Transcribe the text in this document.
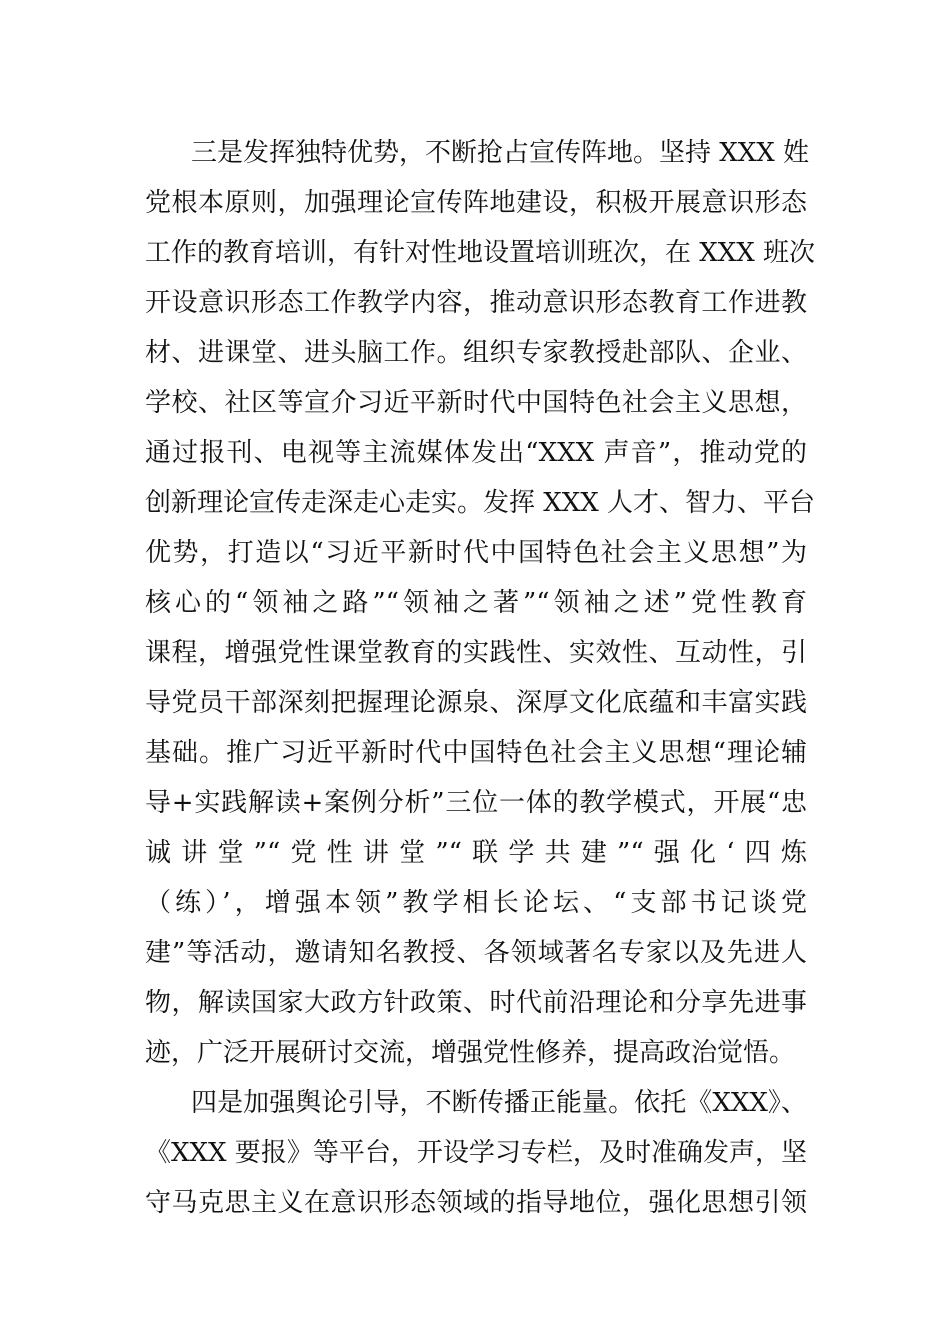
三是发挥独特优势，不断抢占宣传阵地。坚持 XXX 姓
党根本原则，加强理论宣传阵地建设，积极开展意识形态
工作的教育培训，有针对性地设置培训班次，在 XXX 班次
开设意识形态工作教学内容，推动意识形态教育工作进教
材、进课堂、进头脑工作。组织专家教授赴部队、企业、
学校、社区等宣介习近平新时代中国特色社会主义思想，
通过报刊、电视等主流媒体发出“XXX 声音”，推动党的
创新理论宣传走深走心走实。发挥 XXX 人才、智力、平台
优势，打造以“习近平新时代中国特色社会主义思想”为
核心的“领袖之路”“领袖之著”“领袖之述”党性教育
课程，增强党性课堂教育的实践性、实效性、互动性，引
导党员干部深刻把握理论源泉、深厚文化底蕴和丰富实践
基础。推广习近平新时代中国特色社会主义思想“理论辅
导+实践解读+案例分析”三位一体的教学模式，开展“忠
诚讲堂”“党性讲堂”“联学共建”“强化‘四炼
（练）’，增强本领”教学相长论坛、“支部书记谈党
建”等活动，邀请知名教授、各领域著名专家以及先进人
物，解读国家大政方针政策、时代前沿理论和分享先进事
迹，广泛开展研讨交流，增强党性修养，提高政治觉悟。
四是加强舆论引导，不断传播正能量。依托《XXX》、
《XXX 要报》等平台，开设学习专栏，及时准确发声，坚
守马克思主义在意识形态领域的指导地位，强化思想引领
